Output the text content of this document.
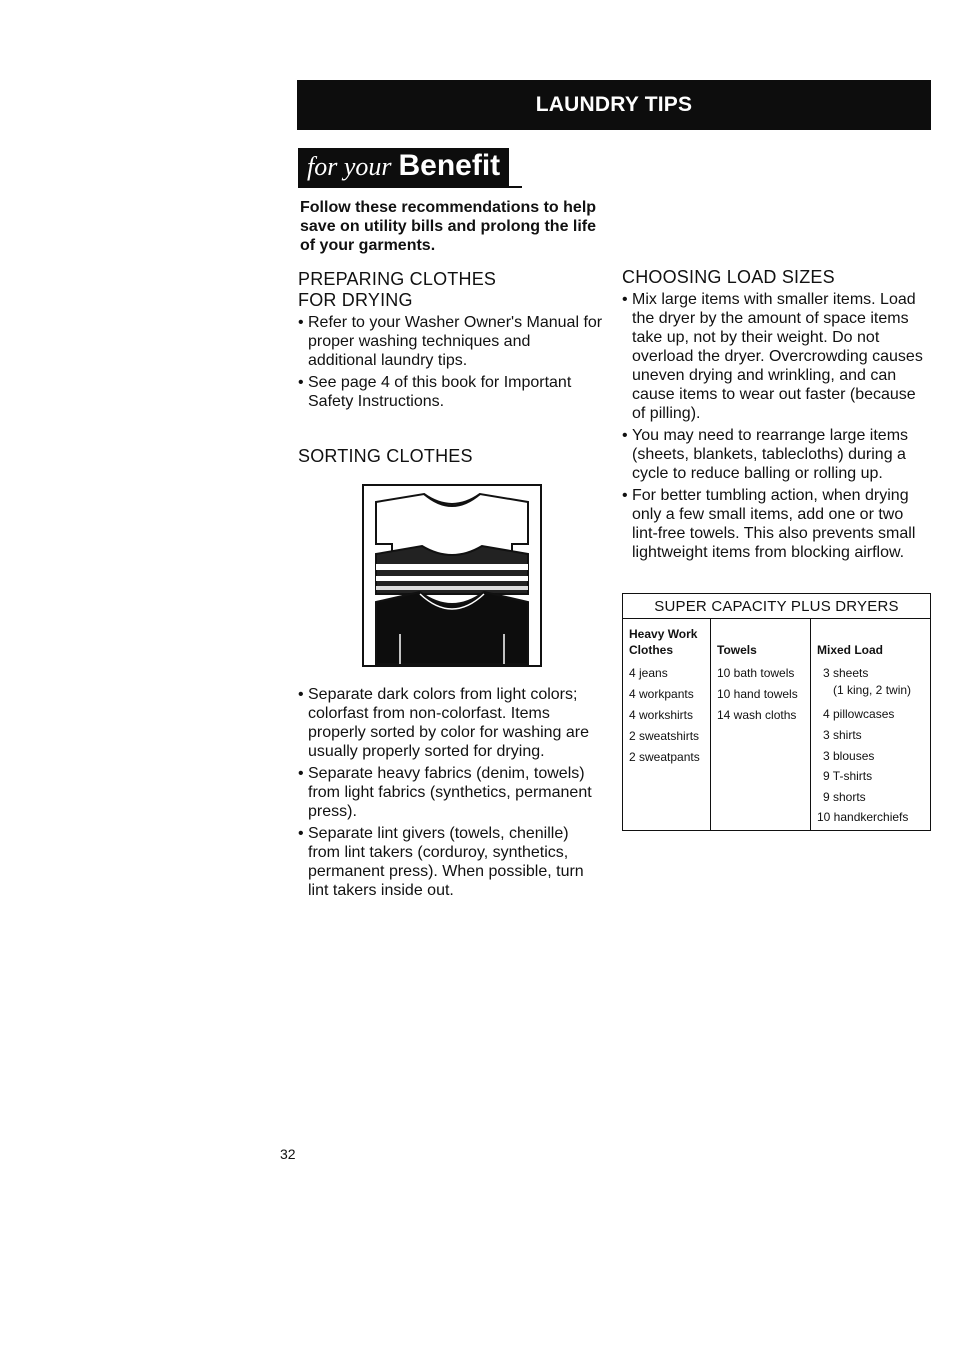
LAUNDRY TIPS
for your Benefit
Follow these recommendations to help save on utility bills and prolong the life of your garments.
PREPARING CLOTHES
FOR DRYING
• Refer to your Washer Owner's Manual for proper washing techniques and additional laundry tips.
• See page 4 of this book for Important Safety Instructions.
SORTING CLOTHES
• Separate dark colors from light colors; colorfast from non-colorfast. Items properly sorted by color for washing are usually properly sorted for drying.
• Separate heavy fabrics (denim, towels) from light fabrics (synthetics, permanent press).
• Separate lint givers (towels, chenille) from lint takers (corduroy, synthetics, permanent press). When possible, turn lint takers inside out.
CHOOSING LOAD SIZES
• Mix large items with smaller items. Load the dryer by the amount of space items take up, not by their weight. Do not overload the dryer. Overcrowding causes uneven drying and wrinkling, and can cause items to wear out faster (because of pilling).
• You may need to rearrange large items (sheets, blankets, tablecloths) during a cycle to reduce balling or rolling up.
• For better tumbling action, when drying only a few small items, add one or two lint-free towels. This also prevents small lightweight items from blocking airflow.
SUPER CAPACITY PLUS DRYERS
Heavy Work
Clothes
4 jeans
4 workpants
4 workshirts
2 sweatshirts
2 sweatpants
Towels
10 bath towels
10 hand towels
14 wash cloths
Mixed Load
3 sheets
(1 king, 2 twin)
4 pillowcases
3 shirts
3 blouses
9 T-shirts
9 shorts
10 handkerchiefs
32
